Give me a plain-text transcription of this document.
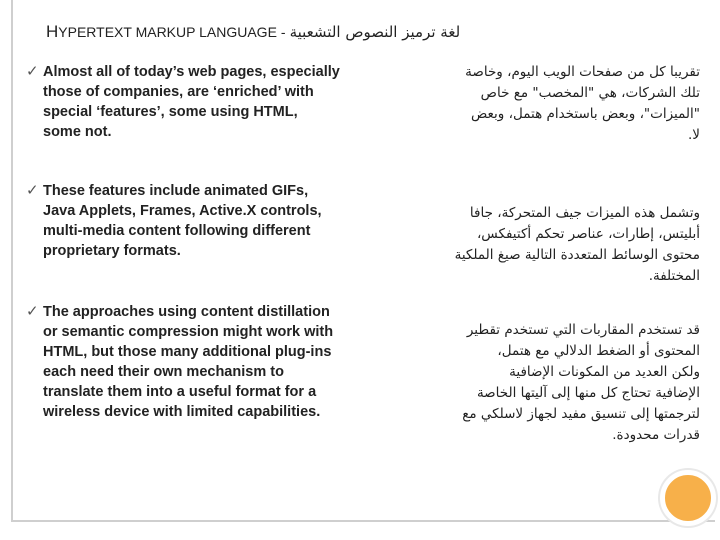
H YPERTEXT MARKUP LANGUAGE - لغة ترميز النصوص التشعبية
✓ Almost all of today’s web pages, especially
those of companies, are ‘enriched’ with
special ‘features’, some using HTML,
some not.
تقريبا كل من صفحات الويب اليوم، وخاصة
تلك الشركات، هي "المخصب" مع خاص
"الميزات"، وبعض باستخدام هتمل، وبعض
لا.
✓ These features include animated GIFs,
Java Applets, Frames, Active.X controls,
multi-media content following different
proprietary formats.
وتشمل هذه الميزات جيف المتحركة، جافا
أبليتس، إطارات، عناصر تحكم أكتيفكس،
محتوى الوسائط المتعددة التالية صيغ الملكية
المختلفة.
✓ The approaches using content distillation
or semantic compression might work with
HTML, but those many additional plug-ins
each need their own mechanism to
translate them into a useful format for a
wireless device with limited capabilities.
قد تستخدم المقاربات التي تستخدم تقطير
المحتوى أو الضغط الدلالي مع هتمل،
ولكن العديد من المكونات الإضافية
الإضافية تحتاج كل منها إلى آليتها الخاصة
لترجمتها إلى تنسيق مفيد لجهاز لاسلكي مع
قدرات محدودة.
